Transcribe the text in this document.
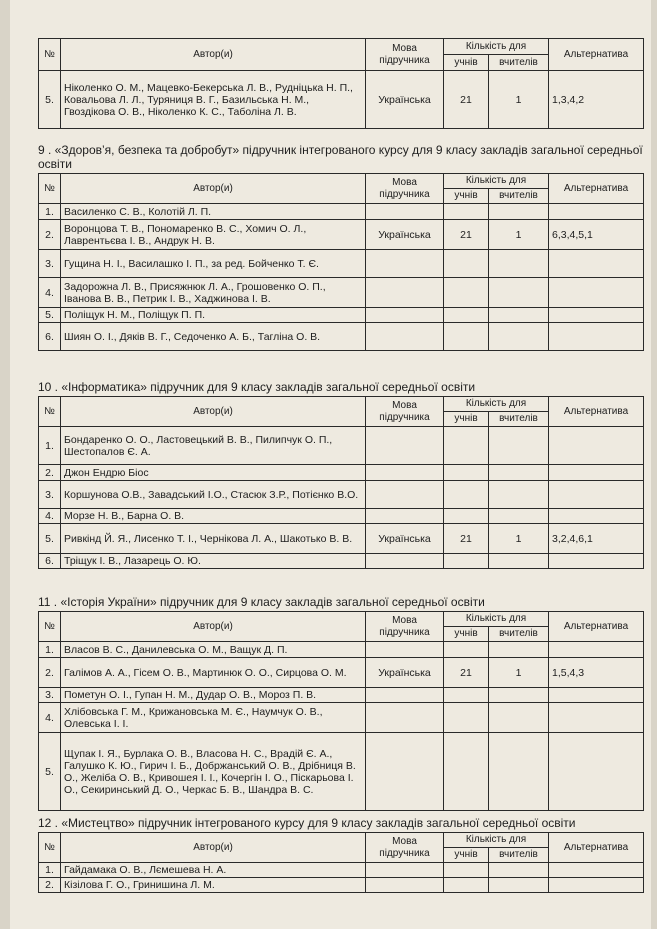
№	Автор(и)	Мова підручника	Кількість для		Альтернатива
			учнів	вчителів	
5.	Ніколенко О. М., Мацевко-Бекерська Л. В., Рудніцька Н. П., Ковальова Л. Л., Туряниця В. Г., Базильська Н. М., Гвоздікова О. В., Ніколенко К. С., Таболіна Л. В.	Українська	21	1	1,3,4,2
9 . «Здоров’я, безпека та добробут» підручник інтегрованого курсу для 9 класу закладів загальної середньої освіти
№	Автор(и)	Мова підручника	Кількість для		Альтернатива
			учнів	вчителів	
1.	Василенко С. В., Колотій Л. П.				
2.	Воронцова Т. В., Пономаренко В. С., Хомич О. Л., Лаврентьєва І. В., Андрук Н. В.	Українська	21	1	6,3,4,5,1
3.	Гущина Н. І., Василашко І. П., за ред. Бойченко Т. Є.				
4.	Задорожна Л. В., Присяжнюк Л. А., Грошовенко О. П., Іванова В. В., Петрик І. В., Хаджинова І. В.				
5.	Поліщук Н. М., Поліщук П. П.				
6.	Шиян О. І., Дяків В. Г., Седоченко А. Б., Тагліна О. В.				
10 . «Інформатика» підручник для 9 класу закладів загальної середньої освіти
№	Автор(и)	Мова підручника	Кількість для		Альтернатива
			учнів	вчителів	
1.	Бондаренко О. О., Ластовецький В. В., Пилипчук О. П., Шестопалов Є. А.				
2.	Джон Ендрю Біос				
3.	Коршунова О.В., Завадський І.О., Стасюк З.Р., Потієнко В.О.				
4.	Морзе Н. В., Барна О. В.				
5.	Ривкінд Й. Я., Лисенко Т. І., Чернікова Л. А., Шакотько В. В.	Українська	21	1	3,2,4,6,1
6.	Тріщук І. В., Лазарець О. Ю.				
11 . «Історія України» підручник для 9 класу закладів загальної середньої освіти
№	Автор(и)	Мова підручника	Кількість для		Альтернатива
			учнів	вчителів	
1.	Власов В. С., Данилевська О. М., Ващук Д. П.				
2.	Галімов А. А., Гісем О. В., Мартинюк О. О., Сирцова О. М.	Українська	21	1	1,5,4,3
3.	Пометун О. І., Гупан Н. М., Дудар О. В., Мороз П. В.				
4.	Хлібовська Г. М., Крижановська М. Є., Наумчук О. В., Олевська І. І.				
5.	Щупак І. Я., Бурлака О. В., Власова Н. С., Врадій Є. А., Галушко К. Ю., Гирич І. Б., Добржанський О. В., Дрібниця В. О., Желіба О. В., Кривошея І. І., Кочергін І. О., Піскарьова І. О., Секиринський Д. О., Черкас Б. В., Шандра В. С.				
12 . «Мистецтво» підручник інтегрованого курсу для 9 класу закладів загальної середньої освіти
№	Автор(и)	Мова підручника	Кількість для		Альтернатива
			учнів	вчителів	
1.	Гайдамака О. В., Лємешева Н. А.				
2.	Кізілова Г. О., Гринишина Л. М.				
